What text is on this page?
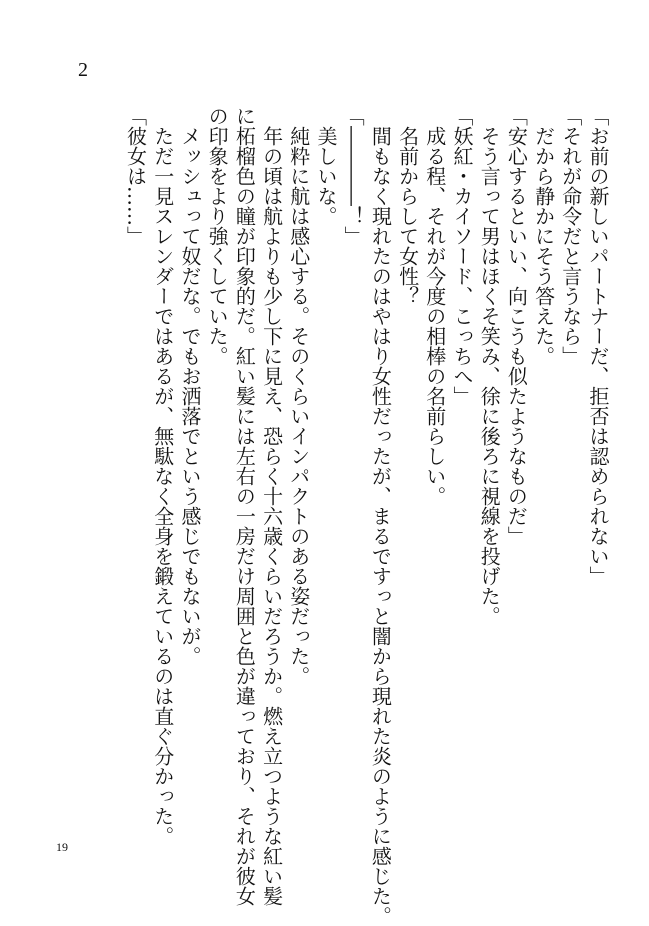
2

「お前の新しいパートナーだ、拒否は認められない」

「それが命令だと言うなら」

　だから静かにそう答えた。

「安心するといい、向こうも似たようなものだ」

　そう言って男はほくそ笑み、徐に後ろに視線を投げた。

「妖紅・カイソード、こっちへ」

　成る程、それが今度の相棒の名前らしい。

　名前からして女性？

　間もなく現れたのはやはり女性だったが、まるですっと闇から現れた炎のように感じた。

「――――！」

　美しいな。

　純粋に航は感心する。そのくらいインパクトのある姿だった。

　年の頃は航よりも少し下に見え、恐らく十六歳くらいだろうか。燃え立つような紅い髪

に柘榴色の瞳が印象的だ。紅い髪には左右の一房だけ周囲と色が違っており、それが彼女

の印象をより強くしていた。

　メッシュって奴だな。でもお洒落でという感じでもないが。

　ただ一見スレンダーではあるが、無駄なく全身を鍛えているのは直ぐ分かった。

「彼女は……」

19
